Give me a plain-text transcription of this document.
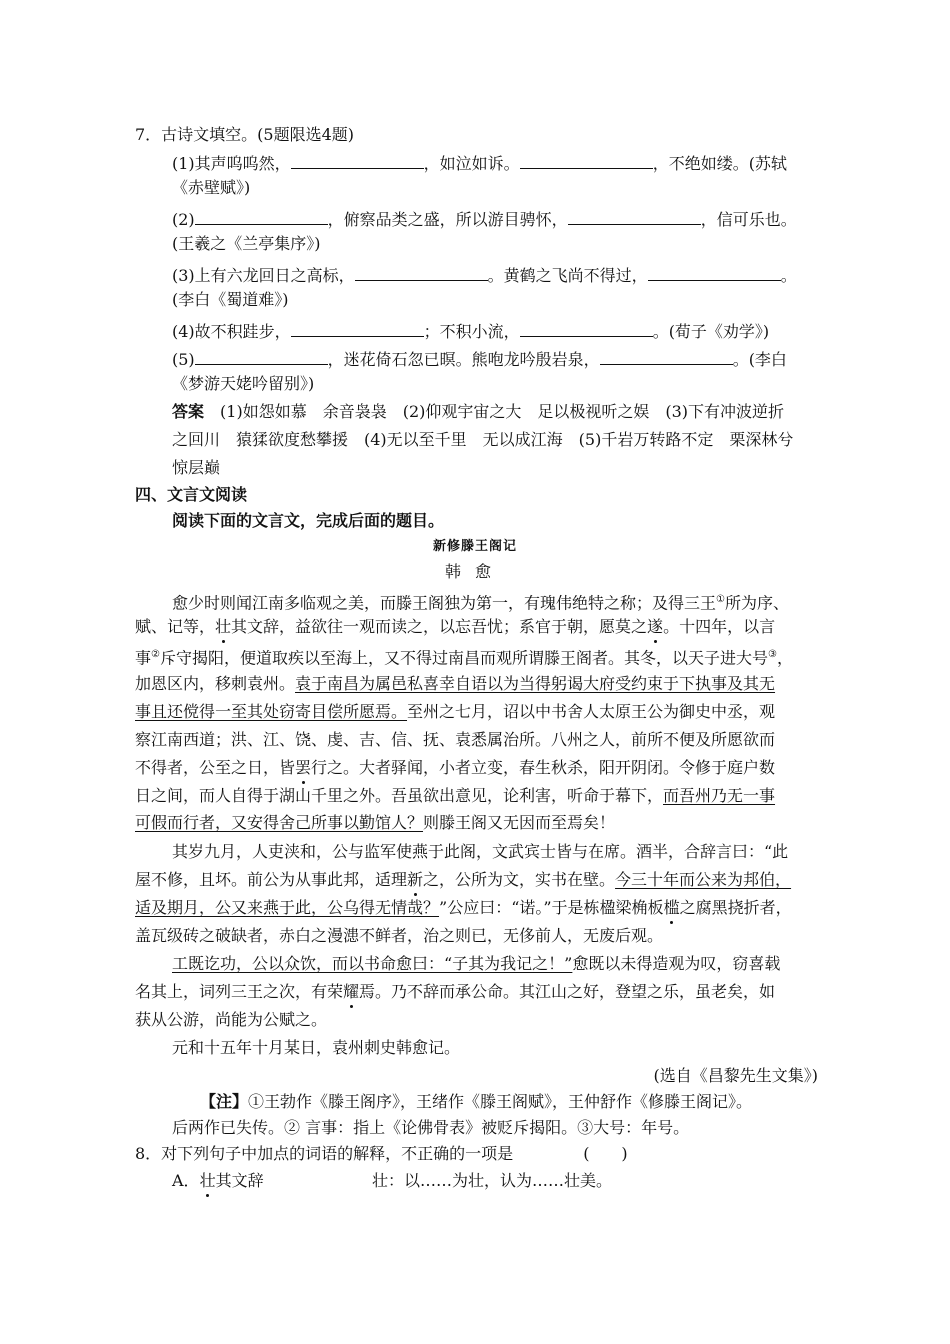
7．古诗文填空。(5题限选4题)
(1)其声呜呜然，	，如泣如诉。	，不绝如缕。(苏轼
《赤壁赋》)
(2)	，俯察品类之盛，所以游目骋怀，	，信可乐也。
(王羲之《兰亭集序》)
(3)上有六龙回日之高标，	。黄鹤之飞尚不得过，	。
(李白《蜀道难》)
(4)故不积跬步，	；不积小流，	。(荀子《劝学》)
(5)	，迷花倚石忽已暝。熊咆龙吟殷岩泉，	。(李白
《梦游天姥吟留别》)
答案　 (1)如怨如慕　余音袅袅　(2)仰观宇宙之大　足以极视听之娱　(3)下有冲波逆折
之回川　猿猱欲度愁攀援　(4)无以至千里　无以成江海　(5)千岩万转路不定　栗深林兮
惊层巅
四、文言文阅读
阅读下面的文言文，完成后面的题目。
新修滕王阁记
韩愈
愈少时则闻江南多临观之美，而滕王阁独为第一，有瑰伟绝特之称；及得三王①所为序、
赋、记等，壮其文辞，益欲往一观而读之，以忘吾忧；系官于朝，愿莫之遂。十四年，以言
事②斥守揭阳，便道取疾以至海上，又不得过南昌而观所谓滕王阁者。其冬，以天子进大号③，
加恩区内，移刺袁州。袁于南昌为属邑私喜幸自语以为当得躬谒大府受约束于下执事及其无
事且还傥得一至其处窃寄目偿所愿焉。至州之七月，诏以中书舍人太原王公为御史中丞，观
察江南西道；洪、江、饶、虔、吉、信、抚、袁悉属治所。八州之人，前所不便及所愿欲而
不得者，公至之日，皆罢行之。大者驿闻，小者立变，春生秋杀，阳开阴闭。令修于庭户数
日之间，而人自得于湖山千里之外。吾虽欲出意见，论利害，听命于幕下，而吾州乃无一事
可假而行者，又安得舍己所事以勤馆人？则滕王阁又无因而至焉矣！
其岁九月，人吏浃和，公与监军使燕于此阁，文武宾士皆与在席。酒半，合辞言曰：“此
屋不修，且坏。前公为从事此邦，适理新之，公所为文，实书在壁。今三十年而公来为邦伯，
适及期月，公又来燕于此，公乌得无情哉？”公应曰：“诺。”于是栋楹梁桷板槛之腐黑挠折者，
盖瓦级砖之破缺者，赤白之漫漶不鲜者，治之则已，无侈前人，无废后观。
工既讫功，公以众饮，而以书命愈曰：“子其为我记之！”愈既以未得造观为叹，窃喜载
名其上，词列三王之次，有荣耀焉。乃不辞而承公命。其江山之好，登望之乐，虽老矣，如
获从公游，尚能为公赋之。
元和十五年十月某日，袁州刺史韩愈记。
(选自《昌黎先生文集》)
【注】①王勃作《滕王阁序》，王绪作《滕王阁赋》，王仲舒作《修滕王阁记》。
后两作已失传。② 言事：指上《论佛骨表》被贬斥揭阳。③大号：年号。
8．对下列句子中加点的词语的解释，不正确的一项是	(　　)
A．壮其文辞	壮：以……为壮，认为……壮美。
